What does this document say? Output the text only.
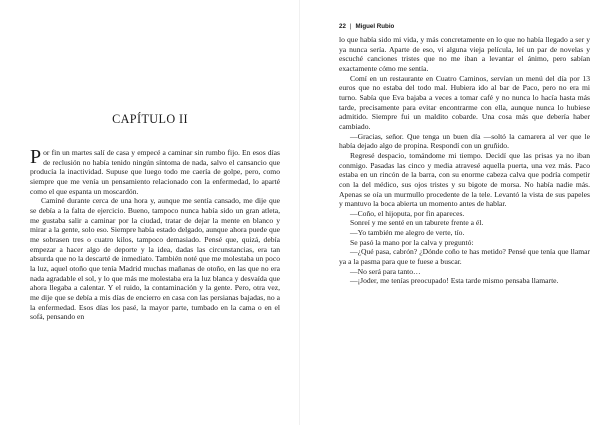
CAPÍTULO II

Por fin un martes salí de casa y empecé a caminar sin rumbo fijo. En esos días de reclusión no había tenido ningún síntoma de nada, salvo el cansancio que producía la inactividad. Supuse que luego todo me caería de golpe, pero, como siempre que me venía un pensamiento relacionado con la enfermedad, lo aparté como el que espanta un moscardón.

Caminé durante cerca de una hora y, aunque me sentía cansado, me dije que se debía a la falta de ejercicio. Bueno, tampoco nunca había sido un gran atleta, me gustaba salir a caminar por la ciudad, tratar de dejar la mente en blanco y mirar a la gente, solo eso. Siempre había estado delgado, aunque ahora puede que me sobrasen tres o cuatro kilos, tampoco demasiado. Pensé que, quizá, debía empezar a hacer algo de deporte y la idea, dadas las circunstancias, era tan absurda que no la descarté de inmediato. También noté que me molestaba un poco la luz, aquel otoño que tenía Madrid muchas mañanas de otoño, en las que no era nada agradable el sol, y lo que más me molestaba era la luz blanca y desvaída que ahora llegaba a calentar. Y el ruido, la contaminación y la gente. Pero, otra vez, me dije que se debía a mis días de encierro en casa con las persianas bajadas, no a la enfermedad. Esos días los pasé, la mayor parte, tumbado en la cama o en el sofá, pensando en

22 | Miguel Rubio

lo que había sido mi vida, y más concretamente en lo que no había llegado a ser y ya nunca sería. Aparte de eso, vi alguna vieja película, leí un par de novelas y escuché canciones tristes que no me iban a levantar el ánimo, pero sabían exactamente cómo me sentía.

Comí en un restaurante en Cuatro Caminos, servían un menú del día por 13 euros que no estaba del todo mal. Hubiera ido al bar de Paco, pero no era mi turno. Sabía que Eva bajaba a veces a tomar café y no nunca lo hacía hasta más tarde, precisamente para evitar encontrarme con ella, aunque nunca lo hubiese admitido. Siempre fui un maldito cobarde. Una cosa más que debería haber cambiado.

—Gracias, señor. Que tenga un buen día —soltó la camarera al ver que le había dejado algo de propina. Respondí con un gruñido.

Regresé despacio, tomándome mi tiempo. Decidí que las prisas ya no iban conmigo. Pasadas las cinco y media atravesé aquella puerta, una vez más. Paco estaba en un rincón de la barra, con su enorme cabeza calva que podría competir con la del médico, sus ojos tristes y su bigote de morsa. No había nadie más. Apenas se oía un murmullo procedente de la tele. Levantó la vista de sus papeles y mantuvo la boca abierta un momento antes de hablar.

—Coño, el hijoputa, por fin apareces.

Sonreí y me senté en un taburete frente a él.

—Yo también me alegro de verte, tío.

Se pasó la mano por la calva y preguntó:

—¿Qué pasa, cabrón? ¿Dónde coño te has metido? Pensé que tenía que llamar ya a la pasma para que te fuese a buscar.

—No será para tanto…

—¡Joder, me tenías preocupado! Esta tarde mismo pensaba llamarte.
